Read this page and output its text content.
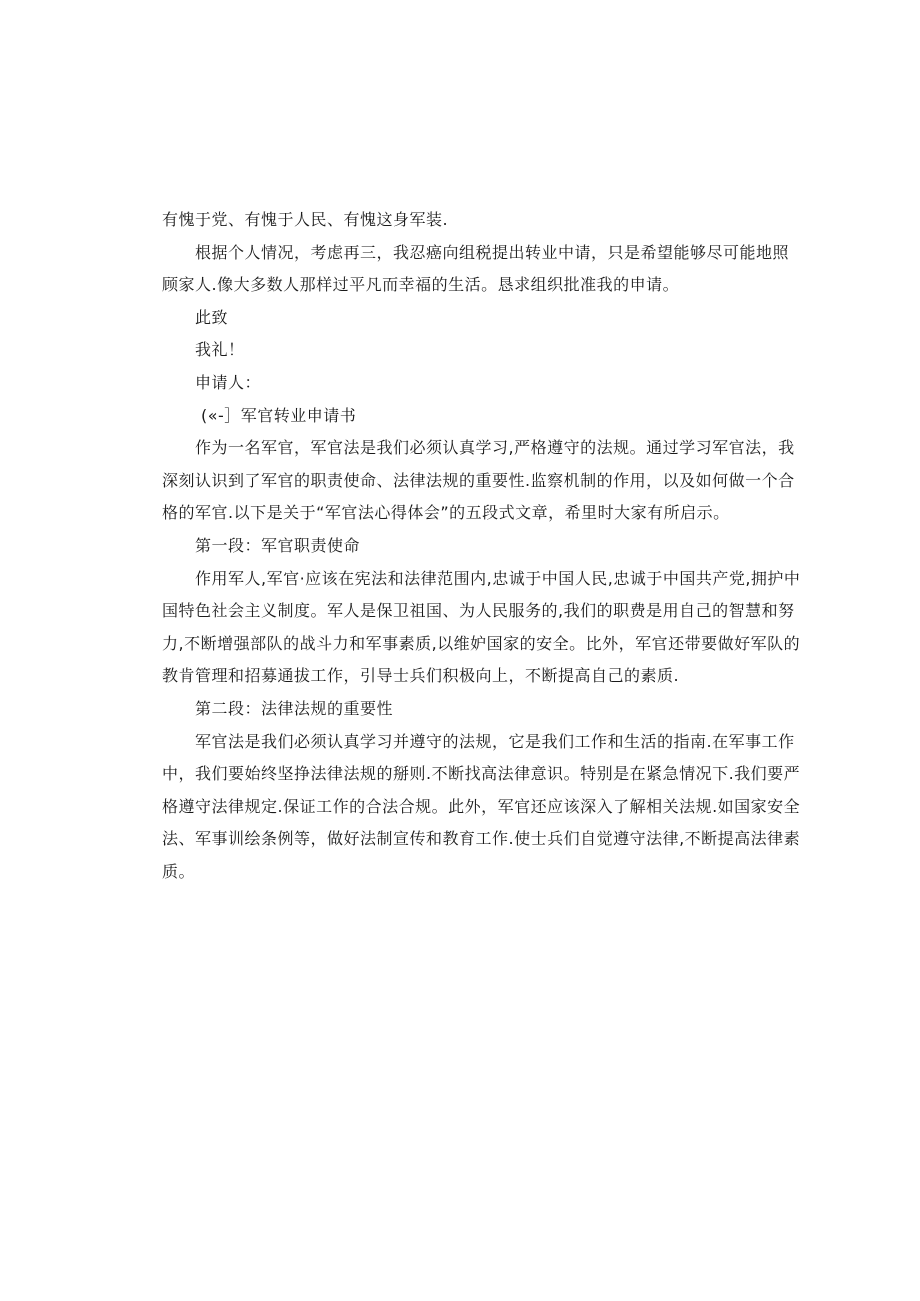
有愧于党、有愧于人民、有愧这身军装.
根据个人情况，考虑再三，我忍癌向组税提出转业中请，只是希望能够尽可能地照
顾家人.像大多数人那样过平凡而幸福的生活。恳求组织批准我的申请。
此致
我礼！
申请人：
(«-］军官转业申请书
作为一名军官，军官法是我们必须认真学习,严格遵守的法规。通过学习军官法，我
深刻认识到了军官的职责使命、法律法规的重要性.监察机制的作用，以及如何做一个合
格的军官.以下是关于“军官法心得体会”的五段式文章，希里时大家有所启示。
第一段：军官职责使命
作用军人,军官·应该在宪法和法律范围内,忠诚于中国人民,忠诚于中国共产党,拥护中
国特色社会主义制度。军人是保卫祖国、为人民服务的,我们的职费是用自己的智慧和努
力,不断增强部队的战斗力和军事素质,以维妒国家的安全。比外，军官还带要做好军队的
教肯管理和招募通拔工作，引导士兵们积极向上，不断提高自己的素质.
第二段：法律法规的重要性
军官法是我们必须认真学习并遵守的法规，它是我们工作和生活的指南.在军事工作
中，我们要始终坚挣法律法规的掰则.不断找高法律意识。特别是在紧急情况下.我们要严
格遵守法律规定.保证工作的合法合规。此外，军官还应该深入了解相关法规.如国家安全
法、军事训绘条例等，做好法制宣传和教育工作.使士兵们自觉遵守法律,不断提高法律素
质。
